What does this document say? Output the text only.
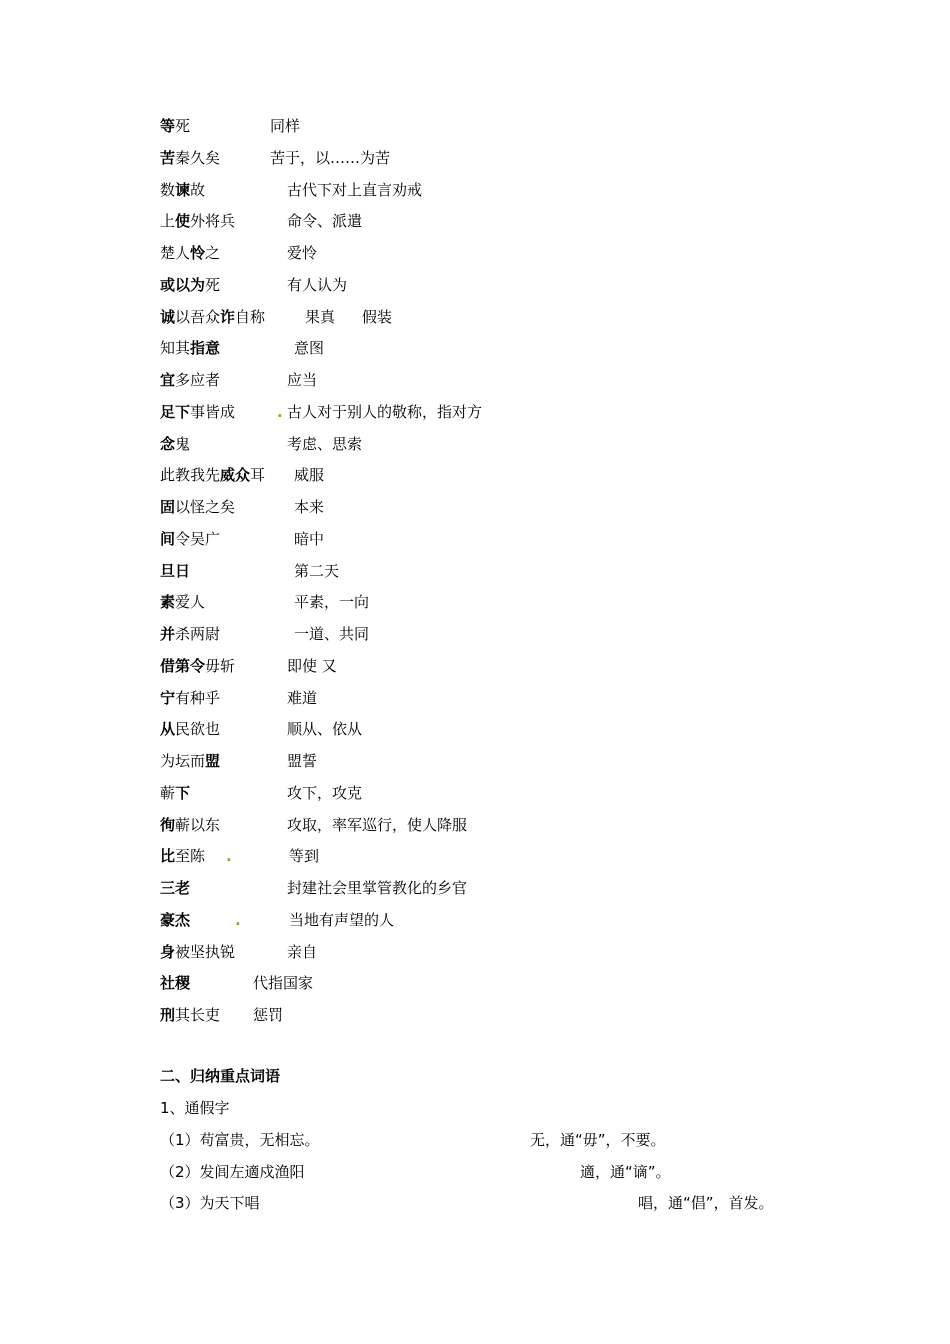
等死	同样
苦秦久矣	苦于，以……为苦
数谏故	古代下对上直言劝戒
上使外将兵	命令、派遣
楚人怜之	爱怜
或以为死	有人认为
诚以吾众诈自称	果真 假装
知其指意	意图
宜多应者	应当
足下事皆成	. 古人对于别人的敬称，指对方
念鬼	考虑、思索
此教我先威众耳 威服
固以怪之矣	本来
间令吴广	暗中
旦日	第二天
素爱人	平素，一向
并杀两尉	一道、共同
借第令毋斩	即使 又
宁有种乎	难道
从民欲也	顺从、依从
为坛而盟	盟誓
蕲下	攻下，攻克
徇蕲以东	攻取，率军巡行，使人降服
比至陈 .	等到
三老	封建社会里掌管教化的乡官
豪杰	.	当地有声望的人
身被坚执锐	亲自
社稷	代指国家
刑其长吏 惩罚
二、归纳重点词语
1、通假字
（1）苟富贵，无相忘。	无，通“毋”，不要。
（2）发闾左適戍渔阳	適，通“谪”。
（3）为天下唱	唱，通“倡”，首发。
